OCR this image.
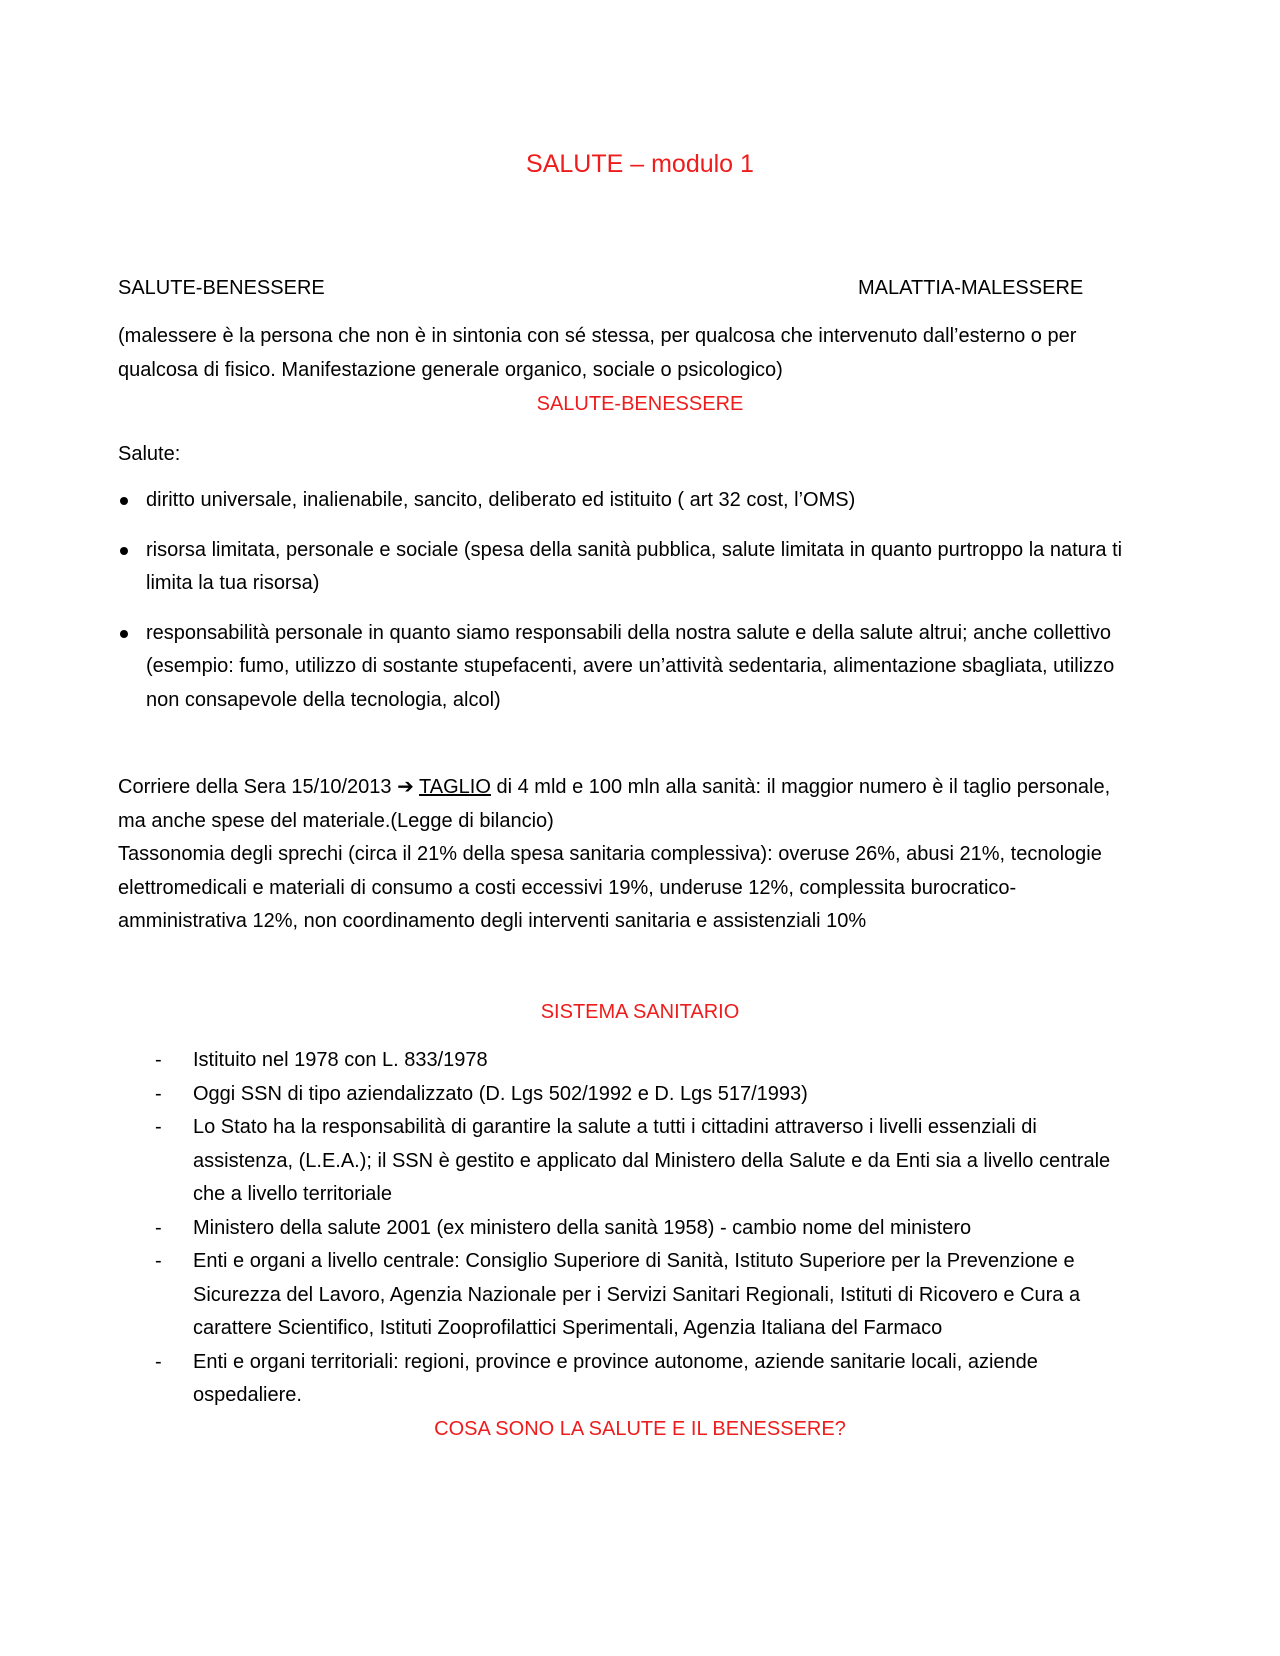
SALUTE – modulo 1
SALUTE-BENESSERE	MALATTIA-MALESSERE

(malessere è la persona che non è in sintonia con sé stessa, per qualcosa che intervenuto dall’esterno o per qualcosa di fisico. Manifestazione generale organico, sociale o psicologico)

SALUTE-BENESSERE

Salute:

diritto universale, inalienabile, sancito, deliberato ed istituito ( art 32 cost, l’OMS)
risorsa limitata, personale e sociale (spesa della sanità pubblica, salute limitata in quanto purtroppo la natura ti limita la tua risorsa)
responsabilità personale in quanto siamo responsabili della nostra salute e della salute altrui; anche collettivo (esempio: fumo, utilizzo di sostante stupefacenti, avere un’attività sedentaria, alimentazione sbagliata, utilizzo non consapevole della tecnologia, alcol)

Corriere della Sera 15/10/2013 ➔ TAGLIO di 4 mld e 100 mln alla sanità: il maggior numero è il taglio personale, ma anche spese del materiale.(Legge di bilancio)
Tassonomia degli sprechi (circa il 21% della spesa sanitaria complessiva): overuse 26%, abusi 21%, tecnologie elettromedicali e materiali di consumo a costi eccessivi 19%, underuse 12%, complessita burocratico-amministrativa 12%, non coordinamento degli interventi sanitaria e assistenziali 10%

SISTEMA SANITARIO
- Istituito nel 1978 con L. 833/1978
- Oggi SSN di tipo aziendalizzato (D. Lgs 502/1992 e D. Lgs 517/1993)
- Lo Stato ha la responsabilità di garantire la salute a tutti i cittadini attraverso i livelli essenziali di assistenza, (L.E.A.); il SSN è gestito e applicato dal Ministero della Salute e da Enti sia a livello centrale che a livello territoriale
- Ministero della salute 2001 (ex ministero della sanità 1958) - cambio nome del ministero
- Enti e organi a livello centrale: Consiglio Superiore di Sanità, Istituto Superiore per la Prevenzione e Sicurezza del Lavoro, Agenzia Nazionale per i Servizi Sanitari Regionali, Istituti di Ricovero e Cura a carattere Scientifico, Istituti Zooprofilattici Sperimentali, Agenzia Italiana del Farmaco
- Enti e organi territoriali: regioni, province e province autonome, aziende sanitarie locali, aziende ospedaliere.
COSA SONO LA SALUTE E IL BENESSERE?
